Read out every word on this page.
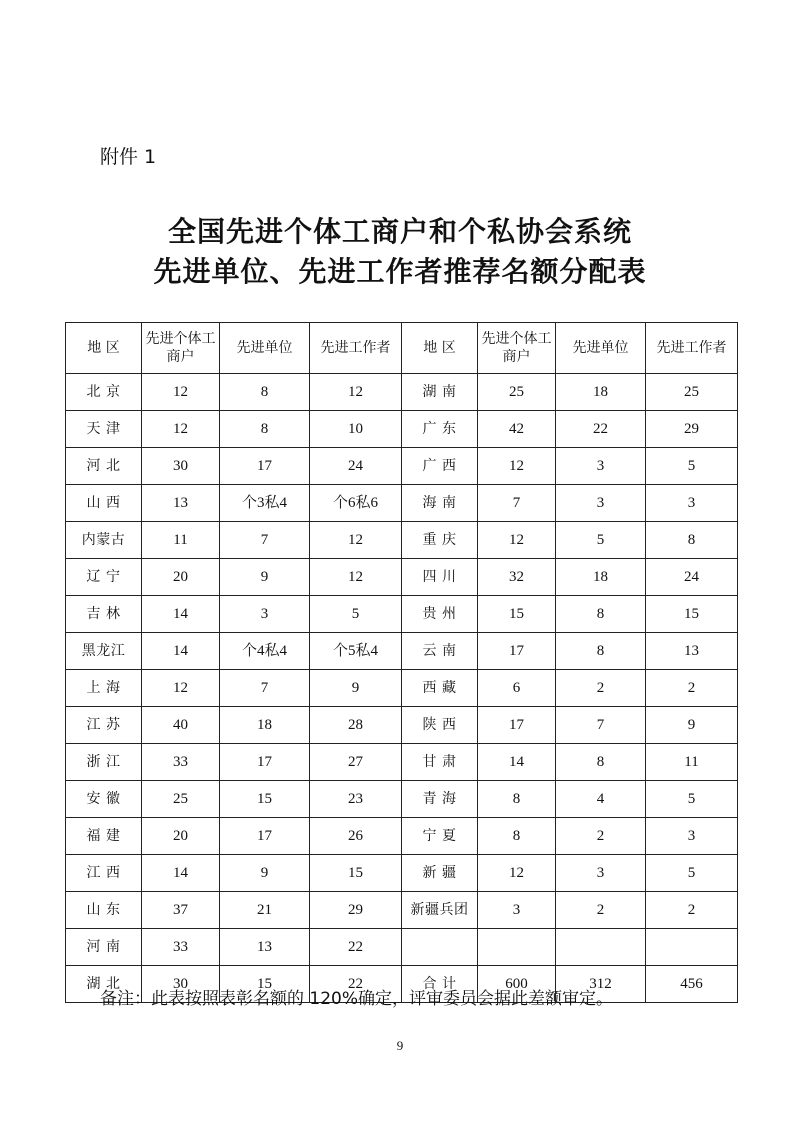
附件 1
全国先进个体工商户和个私协会系统
先进单位、先进工作者推荐名额分配表
地 区	先进个体工商户	先进单位	先进工作者	地 区	先进个体工商户	先进单位	先进工作者
北 京	12	8	12	湖 南	25	18	25
天 津	12	8	10	广 东	42	22	29
河 北	30	17	24	广 西	12	3	5
山 西	13	个3私4	个6私6	海 南	7	3	3
内蒙古	11	7	12	重 庆	12	5	8
辽 宁	20	9	12	四 川	32	18	24
吉 林	14	3	5	贵 州	15	8	15
黑龙江	14	个4私4	个5私4	云 南	17	8	13
上 海	12	7	9	西 藏	6	2	2
江 苏	40	18	28	陕 西	17	7	9
浙 江	33	17	27	甘 肃	14	8	11
安 徽	25	15	23	青 海	8	4	5
福 建	20	17	26	宁 夏	8	2	3
江 西	14	9	15	新 疆	12	3	5
山 东	37	21	29	新疆兵团	3	2	2
河 南	33	13	22				
湖 北	30	15	22	合 计	600	312	456
备注：此表按照表彰名额的 120%确定，评审委员会据此差额审定。
9
